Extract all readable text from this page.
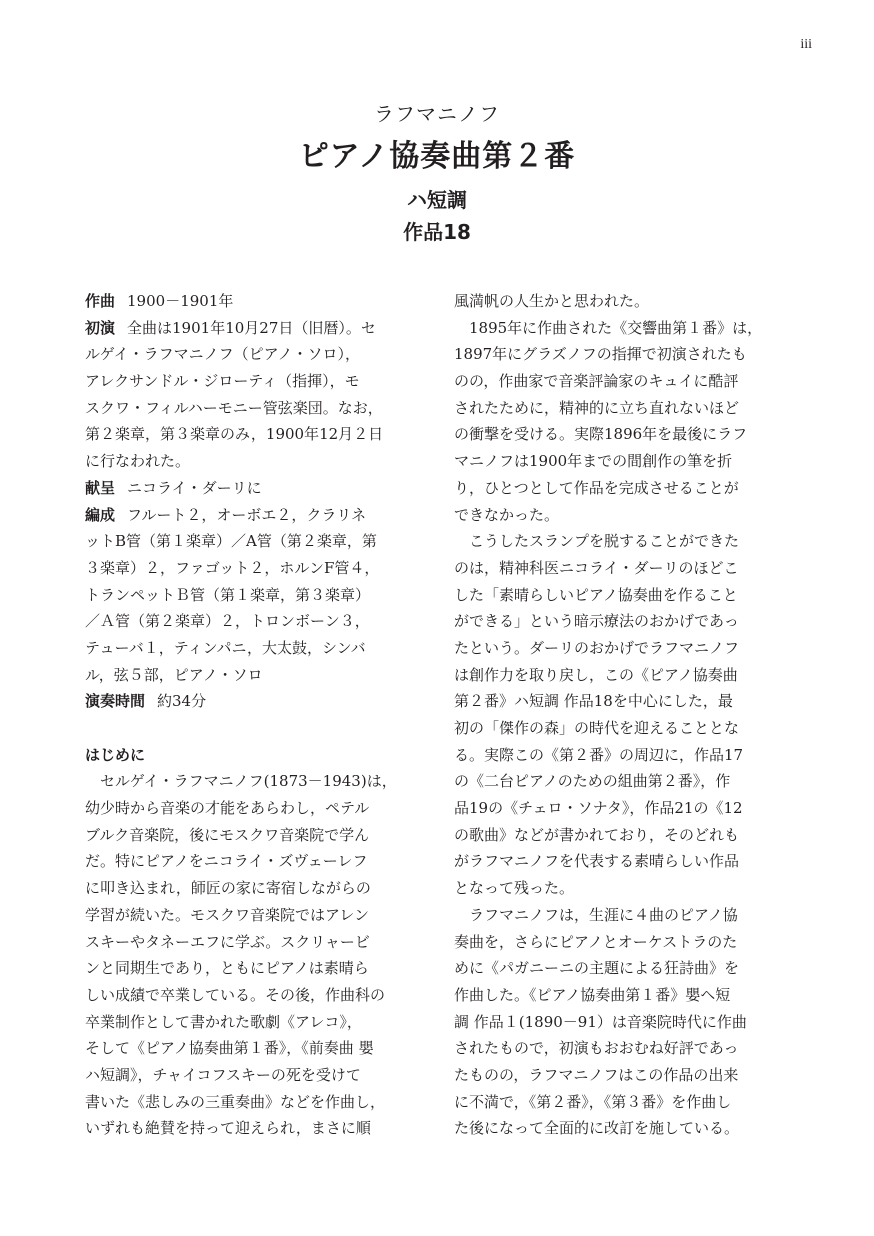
iii
ラフマニノフ
ピアノ協奏曲第２番
ハ短調
作品18
作曲 1900－1901年
初演 全曲は1901年10月27日（旧暦）。セ
ルゲイ・ラフマニノフ（ピアノ・ソロ），
アレクサンドル・ジローティ（指揮），モ
スクワ・フィルハーモニー管弦楽団。なお，
第２楽章，第３楽章のみ，1900年12月２日
に行なわれた。
献呈 ニコライ・ダーリに
編成 フルート２，オーボエ２，クラリネ
ットB管（第１楽章）／A管（第２楽章，第
３楽章）２，ファゴット２，ホルンF管４，
トランペットＢ管（第１楽章，第３楽章）
／Ａ管（第２楽章）２，トロンボーン３，
テューバ１，ティンパニ，大太鼓，シンバ
ル，弦５部，ピアノ・ソロ
演奏時間 約34分
はじめに
　セルゲイ・ラフマニノフ(1873－1943)は，
幼少時から音楽の才能をあらわし，ペテル
ブルク音楽院，後にモスクワ音楽院で学ん
だ。特にピアノをニコライ・ズヴェーレフ
に叩き込まれ，師匠の家に寄宿しながらの
学習が続いた。モスクワ音楽院ではアレン
スキーやタネーエフに学ぶ。スクリャービ
ンと同期生であり，ともにピアノは素晴ら
しい成績で卒業している。その後，作曲科の
卒業制作として書かれた歌劇《アレコ》，
そして《ピアノ協奏曲第１番》，《前奏曲 嬰
ハ短調》，チャイコフスキーの死を受けて
書いた《悲しみの三重奏曲》などを作曲し，
いずれも絶賛を持って迎えられ，まさに順
風満帆の人生かと思われた。
　1895年に作曲された《交響曲第１番》は，
1897年にグラズノフの指揮で初演されたも
のの，作曲家で音楽評論家のキュイに酷評
されたために，精神的に立ち直れないほど
の衝撃を受ける。実際1896年を最後にラフ
マニノフは1900年までの間創作の筆を折
り，ひとつとして作品を完成させることが
できなかった。
　こうしたスランプを脱することができた
のは，精神科医ニコライ・ダーリのほどこ
した「素晴らしいピアノ協奏曲を作ること
ができる」という暗示療法のおかげであっ
たという。ダーリのおかげでラフマニノフ
は創作力を取り戻し，この《ピアノ協奏曲
第２番》ハ短調 作品18を中心にした，最
初の「傑作の森」の時代を迎えることとな
る。実際この《第２番》の周辺に，作品17
の《二台ピアノのための組曲第２番》，作
品19の《チェロ・ソナタ》，作品21の《12
の歌曲》などが書かれており，そのどれも
がラフマニノフを代表する素晴らしい作品
となって残った。
　ラフマニノフは，生涯に４曲のピアノ協
奏曲を，さらにピアノとオーケストラのた
めに《パガニーニの主題による狂詩曲》を
作曲した。《ピアノ協奏曲第１番》嬰ヘ短
調 作品１(1890－91）は音楽院時代に作曲
されたもので，初演もおおむね好評であっ
たものの，ラフマニノフはこの作品の出来
に不満で，《第２番》，《第３番》を作曲し
た後になって全面的に改訂を施している。
